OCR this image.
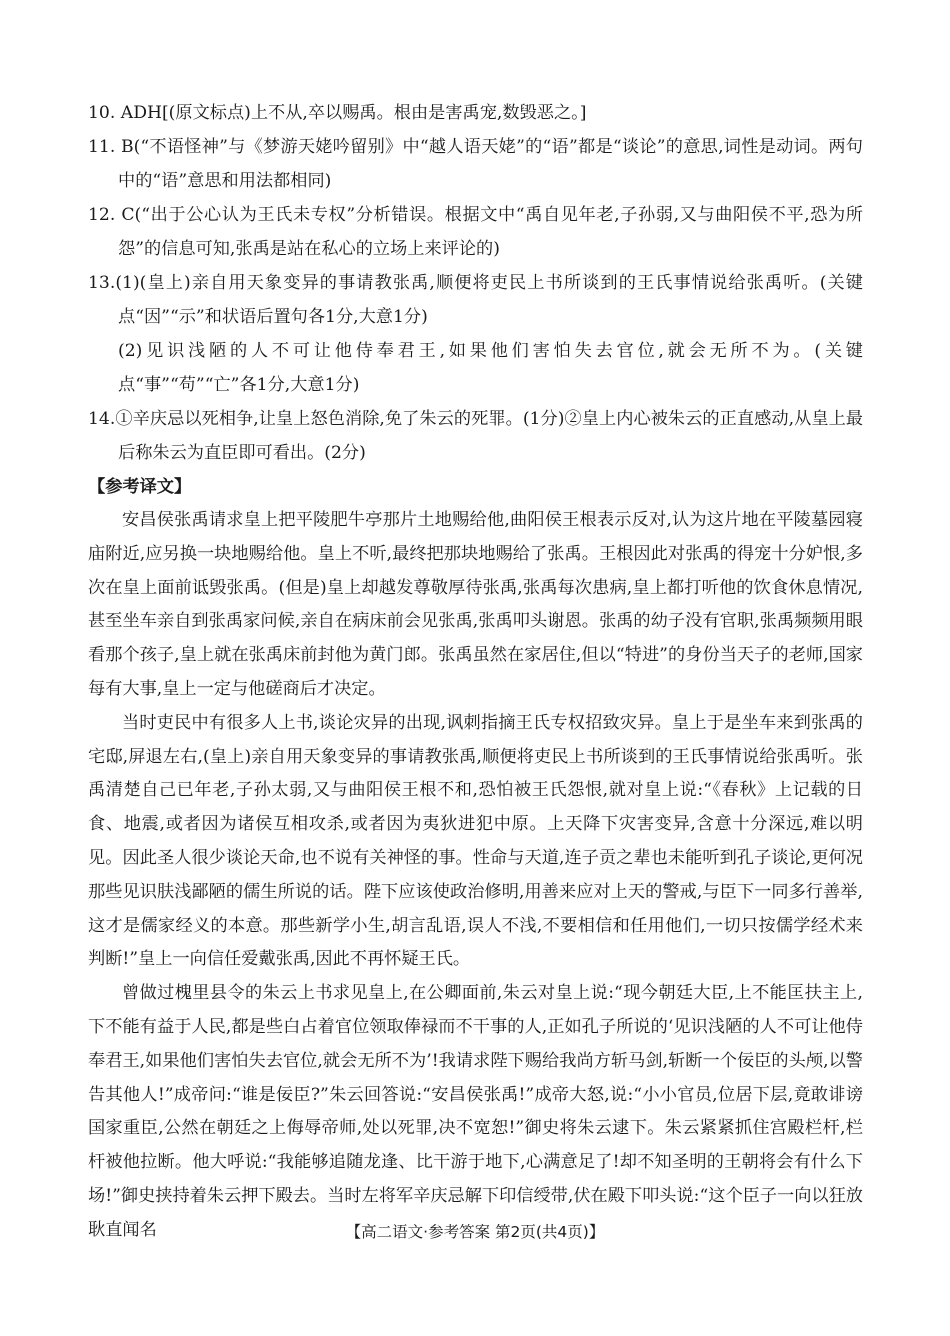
10. ADH[(原文标点)上不从,卒以赐禹。根由是害禹宠,数毁恶之。]

11. B(“不语怪神”与《梦游天姥吟留别》中“越人语天姥”的“语”都是“谈论”的意思,词性是动词。两句中的“语”意思和用法都相同)

12. C(“出于公心认为王氏未专权”分析错误。根据文中“禹自见年老,子孙弱,又与曲阳侯不平,恐为所怨”的信息可知,张禹是站在私心的立场上来评论的)

13.(1)(皇上)亲自用天象变异的事请教张禹,顺便将吏民上书所谈到的王氏事情说给张禹听。(关键点“因”“示”和状语后置句各1分,大意1分)

(2)见识浅陋的人不可让他侍奉君王,如果他们害怕失去官位,就会无所不为。(关键点“事”“苟”“亡”各1分,大意1分)

14.①辛庆忌以死相争,让皇上怒色消除,免了朱云的死罪。(1分)②皇上内心被朱云的正直感动,从皇上最后称朱云为直臣即可看出。(2分)

【参考译文】

安昌侯张禹请求皇上把平陵肥牛亭那片土地赐给他,曲阳侯王根表示反对,认为这片地在平陵墓园寝庙附近,应另换一块地赐给他。皇上不听,最终把那块地赐给了张禹。王根因此对张禹的得宠十分妒恨,多次在皇上面前诋毁张禹。(但是)皇上却越发尊敬厚待张禹,张禹每次患病,皇上都打听他的饮食休息情况,甚至坐车亲自到张禹家问候,亲自在病床前会见张禹,张禹叩头谢恩。张禹的幼子没有官职,张禹频频用眼看那个孩子,皇上就在张禹床前封他为黄门郎。张禹虽然在家居住,但以“特进”的身份当天子的老师,国家每有大事,皇上一定与他磋商后才决定。

当时吏民中有很多人上书,谈论灾异的出现,讽刺指摘王氏专权招致灾异。皇上于是坐车来到张禹的宅邸,屏退左右,(皇上)亲自用天象变异的事请教张禹,顺便将吏民上书所谈到的王氏事情说给张禹听。张禹清楚自己已年老,子孙太弱,又与曲阳侯王根不和,恐怕被王氏怨恨,就对皇上说:“《春秋》上记载的日食、地震,或者因为诸侯互相攻杀,或者因为夷狄进犯中原。上天降下灾害变异,含意十分深远,难以明见。因此圣人很少谈论天命,也不说有关神怪的事。性命与天道,连子贡之辈也未能听到孔子谈论,更何况那些见识肤浅鄙陋的儒生所说的话。陛下应该使政治修明,用善来应对上天的警戒,与臣下一同多行善举,这才是儒家经义的本意。那些新学小生,胡言乱语,误人不浅,不要相信和任用他们,一切只按儒学经术来判断!”皇上一向信任爱戴张禹,因此不再怀疑王氏。

曾做过槐里县令的朱云上书求见皇上,在公卿面前,朱云对皇上说:“现今朝廷大臣,上不能匡扶主上,下不能有益于人民,都是些白占着官位领取俸禄而不干事的人,正如孔子所说的‘见识浅陋的人不可让他侍奉君王,如果他们害怕失去官位,就会无所不为’!我请求陛下赐给我尚方斩马剑,斩断一个佞臣的头颅,以警告其他人!”成帝问:“谁是佞臣?”朱云回答说:“安昌侯张禹!”成帝大怒,说:“小小官员,位居下层,竟敢诽谤国家重臣,公然在朝廷之上侮辱帝师,处以死罪,决不宽恕!”御史将朱云逮下。朱云紧紧抓住宫殿栏杆,栏杆被他拉断。他大呼说:“我能够追随龙逢、比干游于地下,心满意足了!却不知圣明的王朝将会有什么下场!”御史挟持着朱云押下殿去。当时左将军辛庆忌解下印信绶带,伏在殿下叩头说:“这个臣子一向以狂放耿直闻名	【高二语文·参考答案 第2页(共4页)】
